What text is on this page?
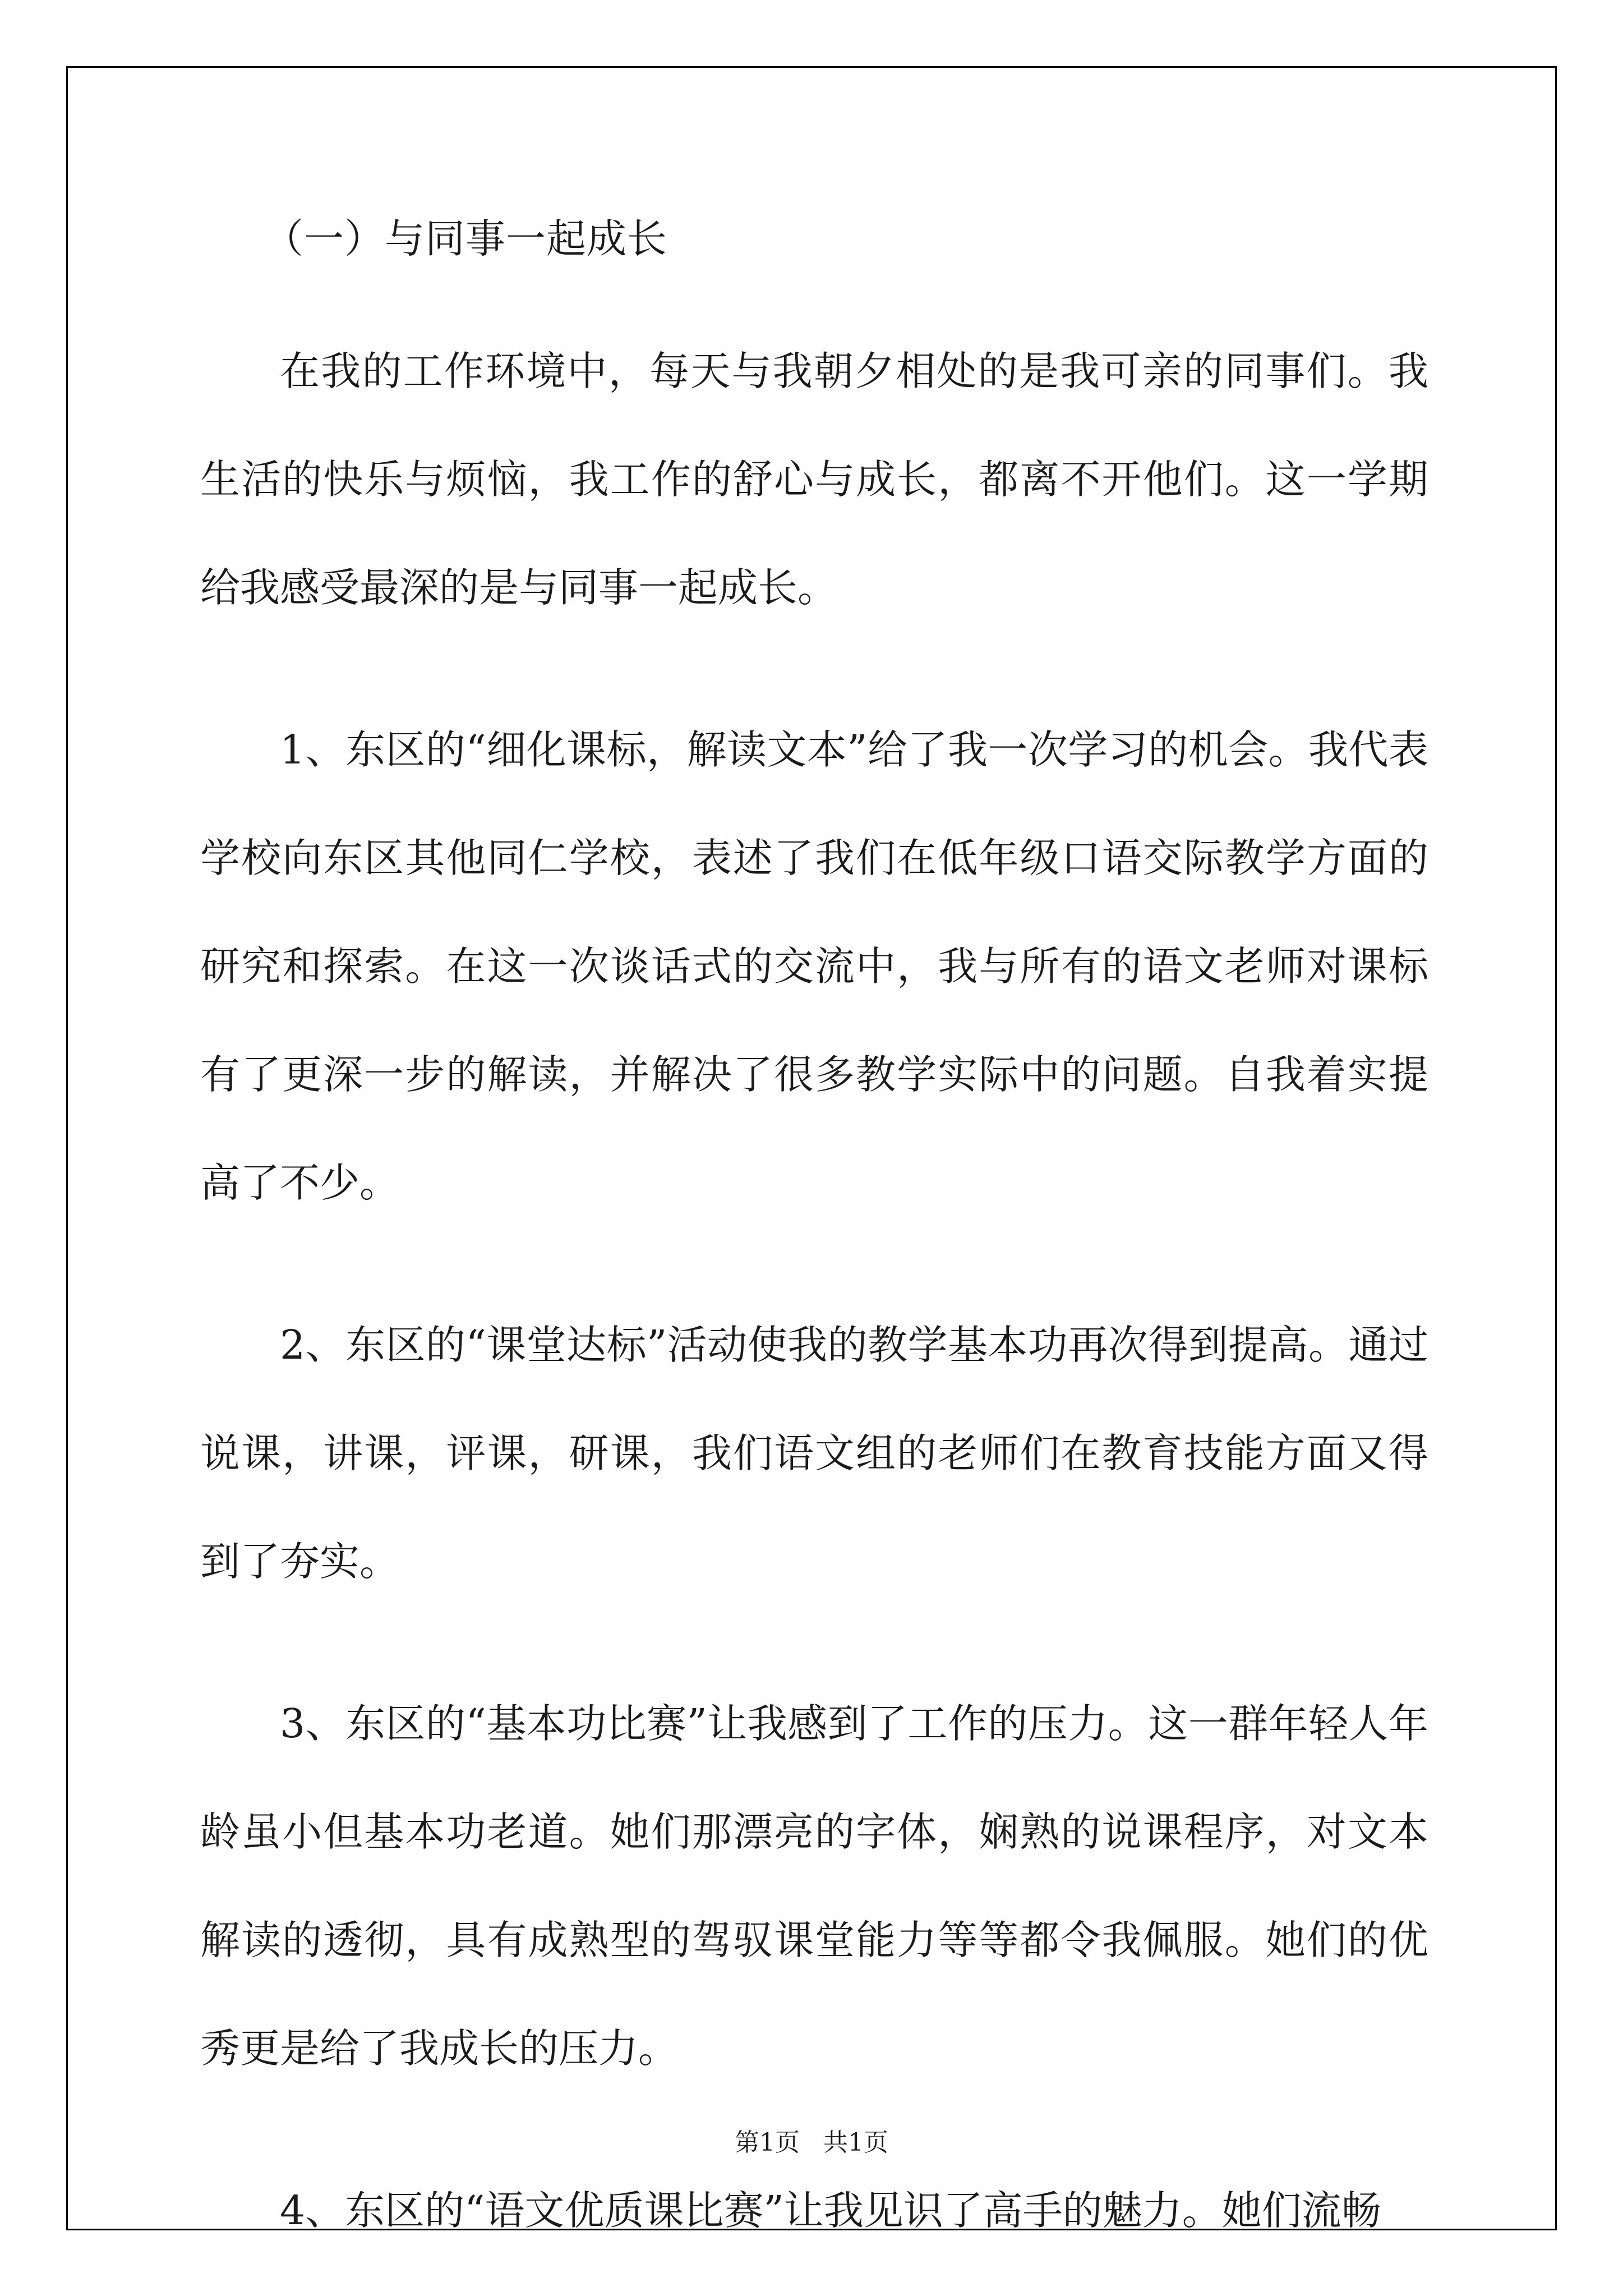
（一）与同事一起成长

在我的工作环境中，每天与我朝夕相处的是我可亲的同事们。我生活的快乐与烦恼，我工作的舒心与成长，都离不开他们。这一学期给我感受最深的是与同事一起成长。

1、东区的“细化课标，解读文本”给了我一次学习的机会。我代表学校向东区其他同仁学校，表述了我们在低年级口语交际教学方面的研究和探索。在这一次谈话式的交流中，我与所有的语文老师对课标有了更深一步的解读，并解决了很多教学实际中的问题。自我着实提高了不少。

2、东区的“课堂达标”活动使我的教学基本功再次得到提高。通过说课，讲课，评课，研课，我们语文组的老师们在教育技能方面又得到了夯实。

3、东区的“基本功比赛”让我感到了工作的压力。这一群年轻人年龄虽小但基本功老道。她们那漂亮的字体，娴熟的说课程序，对文本解读的透彻，具有成熟型的驾驭课堂能力等等都令我佩服。她们的优秀更是给了我成长的压力。

4、东区的“语文优质课比赛”让我见识了高手的魅力。她们流畅

第1页   共1页
